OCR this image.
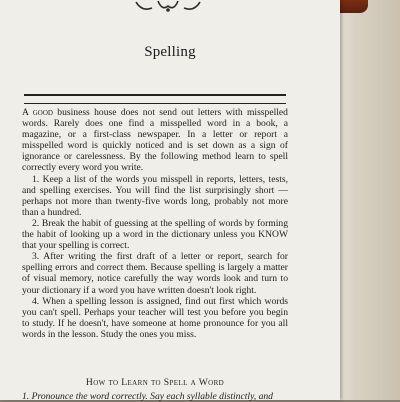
Spelling

A good business house does not send out letters with misspelled words. Rarely does one find a misspelled word in a book, a magazine, or a first-class newspaper. In a letter or report a misspelled word is quickly noticed and is set down as a sign of ignorance or carelessness. By the following method learn to spell correctly every word you write.

1. Keep a list of the words you misspell in reports, letters, tests, and spelling exercises. You will find the list surprisingly short — perhaps not more than twenty-five words long, probably not more than a hundred.

2. Break the habit of guessing at the spelling of words by forming the habit of looking up a word in the dictionary unless you KNOW that your spelling is correct.

3. After writing the first draft of a letter or report, search for spelling errors and correct them. Because spelling is largely a matter of visual memory, notice carefully the way words look and turn to your dictionary if a word you have written doesn't look right.

4. When a spelling lesson is assigned, find out first which words you can't spell. Perhaps your teacher will test you before you begin to study. If he doesn't, have someone at home pronounce for you all words in the lesson. Study the ones you miss.

How to Learn to Spell a Word
1. Pronounce the word correctly. Say each syllable distinctly, and
